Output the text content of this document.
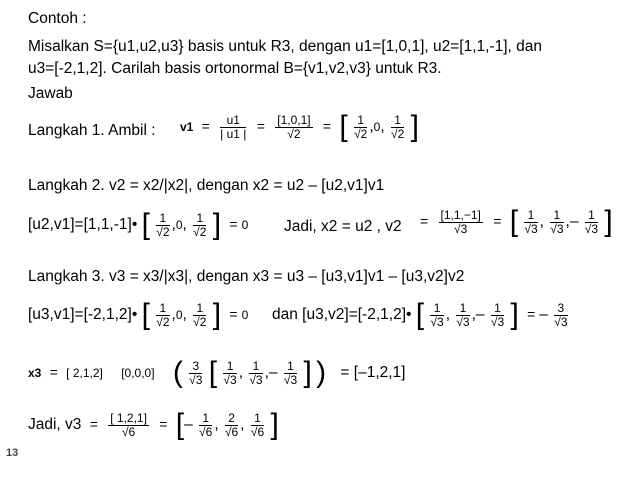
Contoh :
Misalkan S={u1,u2,u3} basis untuk R3, dengan u1=[1,0,1], u2=[1,1,-1], dan
u3=[-2,1,2]. Carilah basis ortonormal B={v1,v2,v3} untuk R3.
Jawab
Langkah 1. Ambil : $v1 = \frac{u1}{| u1 |} = \frac{[1,0,1]}{√2}$ = [ $\frac{1}{√2} ,0$, $\frac{1}{√2}$ ]
Langkah 2. v2 = x2/|x2|, dengan x2 = u2 – [u2,v1]v1
[u2,v1]=[1,1,-1]• [ $\frac{1}{√2} ,0$, $\frac{1}{√2}$ ] = 0 Jadi, x2 = u2 , $v2 = \frac{[1,1,-1]}{√3}$ = [ $\frac{1}{√3}$ , $\frac{1}{√3}$ ,– $\frac{1}{√3}$ ]
Langkah 3. v3 = x3/|x3|, dengan x3 = u3 – [u3,v1]v1 – [u3,v2]v2
[u3,v1]=[-2,1,2]• [ $\frac{1}{√2} ,0$, $\frac{1}{√2}$ ] = 0 dan [u3,v2]=[-2,1,2]• [ $\frac{1}{√3}$ , $\frac{1}{√3}$ ,– $\frac{1}{√3}$ ] = – $\frac{3}{√3}$
x3 = [ 2,1,2] [0,0,0] ( $\frac{3}{√3}$ [ $\frac{1}{√3}$ , $\frac{1}{√3}$ ,– $\frac{1}{√3}$ ] ) = [–1,2,1]
Jadi, $v3 = \frac{[ 1,2,1]}{√6}$ = [– $\frac{1}{√6}$ , $\frac{2}{√6}$ , $\frac{1}{√6}$ ]
13
